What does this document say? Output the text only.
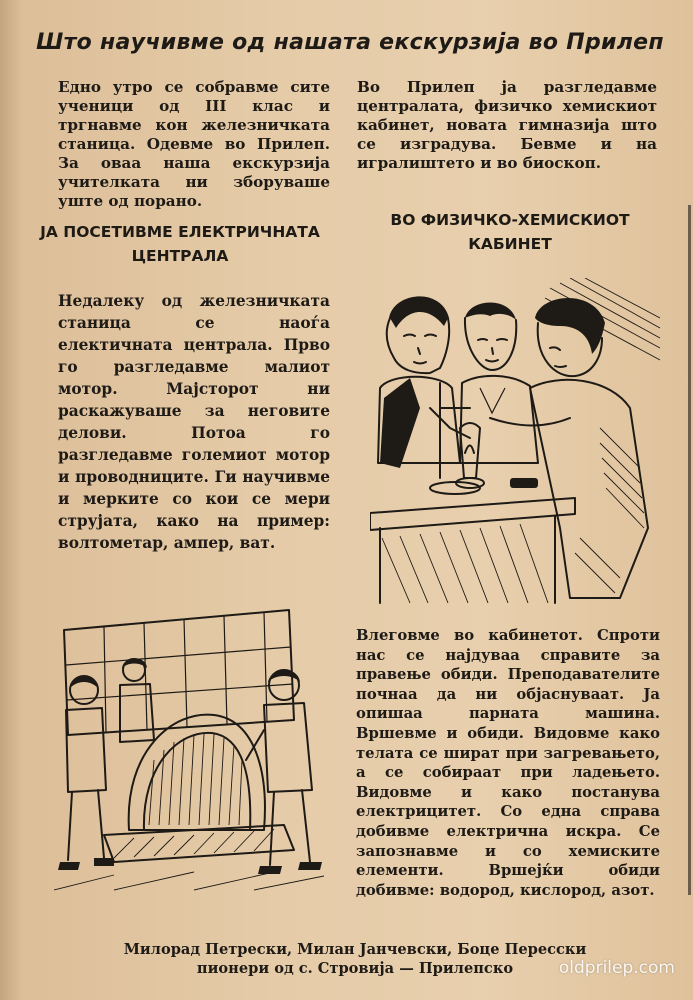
Што научивме од нашата екскурзија во Прилеп
Едно утро се собравме сите ученици од III клас и тргнавме кон железничката станица. Одевме во Прилеп. За оваа наша екскурзија учителката ни зборуваше уште од порано.
Во Прилеп ја разгледавме централата, физичко хемискиот кабинет, новата гимназија што се изградува. Бевме и на игралиштето и во биоскоп.
ЈА ПОСЕТИВМЕ ЕЛЕКТРИЧНАТА ЦЕНТРАЛА
ВО ФИЗИЧКО-ХЕМИСКИОТ КАБИНЕТ
Недалеку од железничката станица се наоѓа електичната централа. Прво го разгледавме малиот мотор. Мајсторот ни раскажуваше за неговите делови. Потоа го разгледавме големиот мотор и проводниците. Ги научивме и мерките со кои се мери струјата, како на пример: волтометар, ампер, ват.
Влеговме во кабинетот. Спроти нас се најдуваа справите за правење обиди. Преподавателите почнаа да ни објаснуваат. Ја опишаа парната машина. Вршевме и обиди. Видовме како телата се шират при загревањето, а се собираат при ладењето. Видовме и како постанува електрицитет. Со една справа добивме електрична искра. Се запознавме и со хемиските елементи. Вршејќи обиди добивме: водород, кислород, азот.
Милорад Петрески, Милан Јанчевски, Боце Пересски
пионери од с. Стровија — Прилепско	oldprilep.com
